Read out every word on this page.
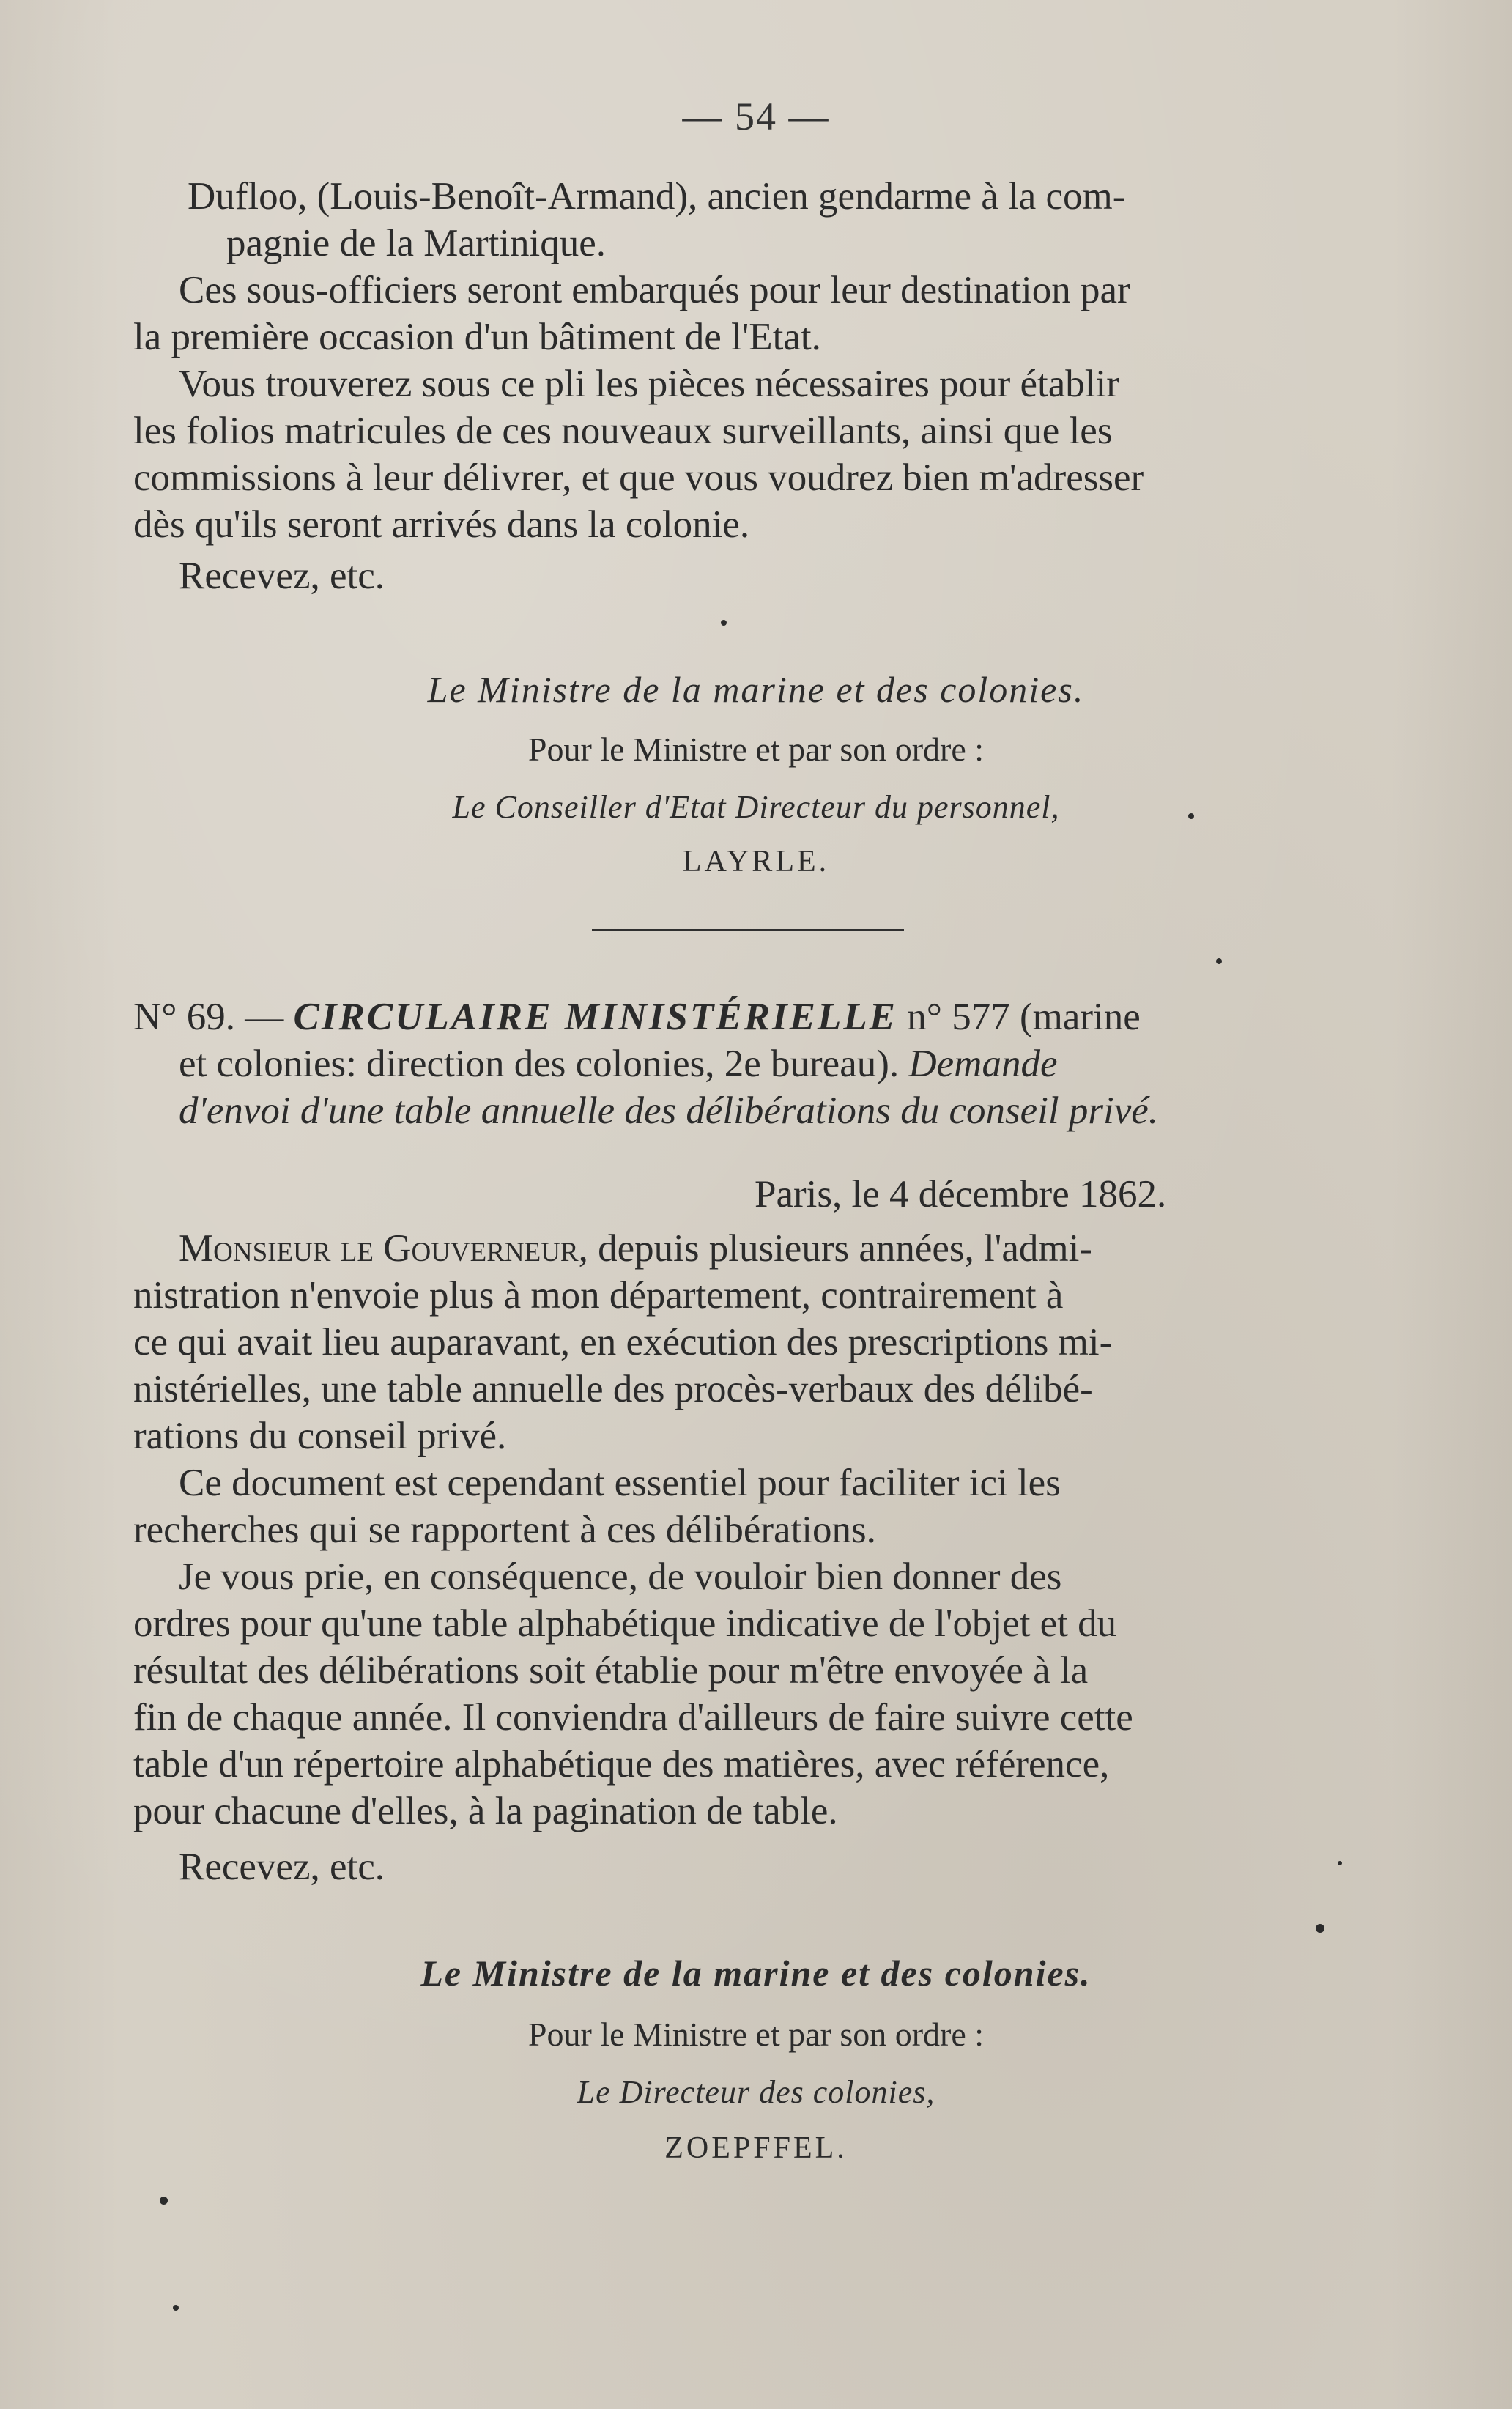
— 54 —
Dufloo, (Louis-Benoît-Armand), ancien gendarme à la com-
pagnie de la Martinique.
Ces sous-officiers seront embarqués pour leur destination par
la première occasion d'un bâtiment de l'Etat.
Vous trouverez sous ce pli les pièces nécessaires pour établir
les folios matricules de ces nouveaux surveillants, ainsi que les
commissions à leur délivrer, et que vous voudrez bien m'adresser
dès qu'ils seront arrivés dans la colonie.
Recevez, etc.
Le Ministre de la marine et des colonies.
Pour le Ministre et par son ordre :
Le Conseiller d'Etat Directeur du personnel,
LAYRLE.
N° 69. — CIRCULAIRE MINISTÉRIELLE n° 577 (marine
et colonies: direction des colonies, 2e bureau). Demande
d'envoi d'une table annuelle des délibérations du conseil privé.
Paris, le 4 décembre 1862.
Monsieur le Gouverneur, depuis plusieurs années, l'admi-
nistration n'envoie plus à mon département, contrairement à
ce qui avait lieu auparavant, en exécution des prescriptions mi-
nistérielles, une table annuelle des procès-verbaux des délibé-
rations du conseil privé.
Ce document est cependant essentiel pour faciliter ici les
recherches qui se rapportent à ces délibérations.
Je vous prie, en conséquence, de vouloir bien donner des
ordres pour qu'une table alphabétique indicative de l'objet et du
résultat des délibérations soit établie pour m'être envoyée à la
fin de chaque année. Il conviendra d'ailleurs de faire suivre cette
table d'un répertoire alphabétique des matières, avec référence,
pour chacune d'elles, à la pagination de table.
Recevez, etc.
Le Ministre de la marine et des colonies.
Pour le Ministre et par son ordre :
Le Directeur des colonies,
ZOEPFFEL.
